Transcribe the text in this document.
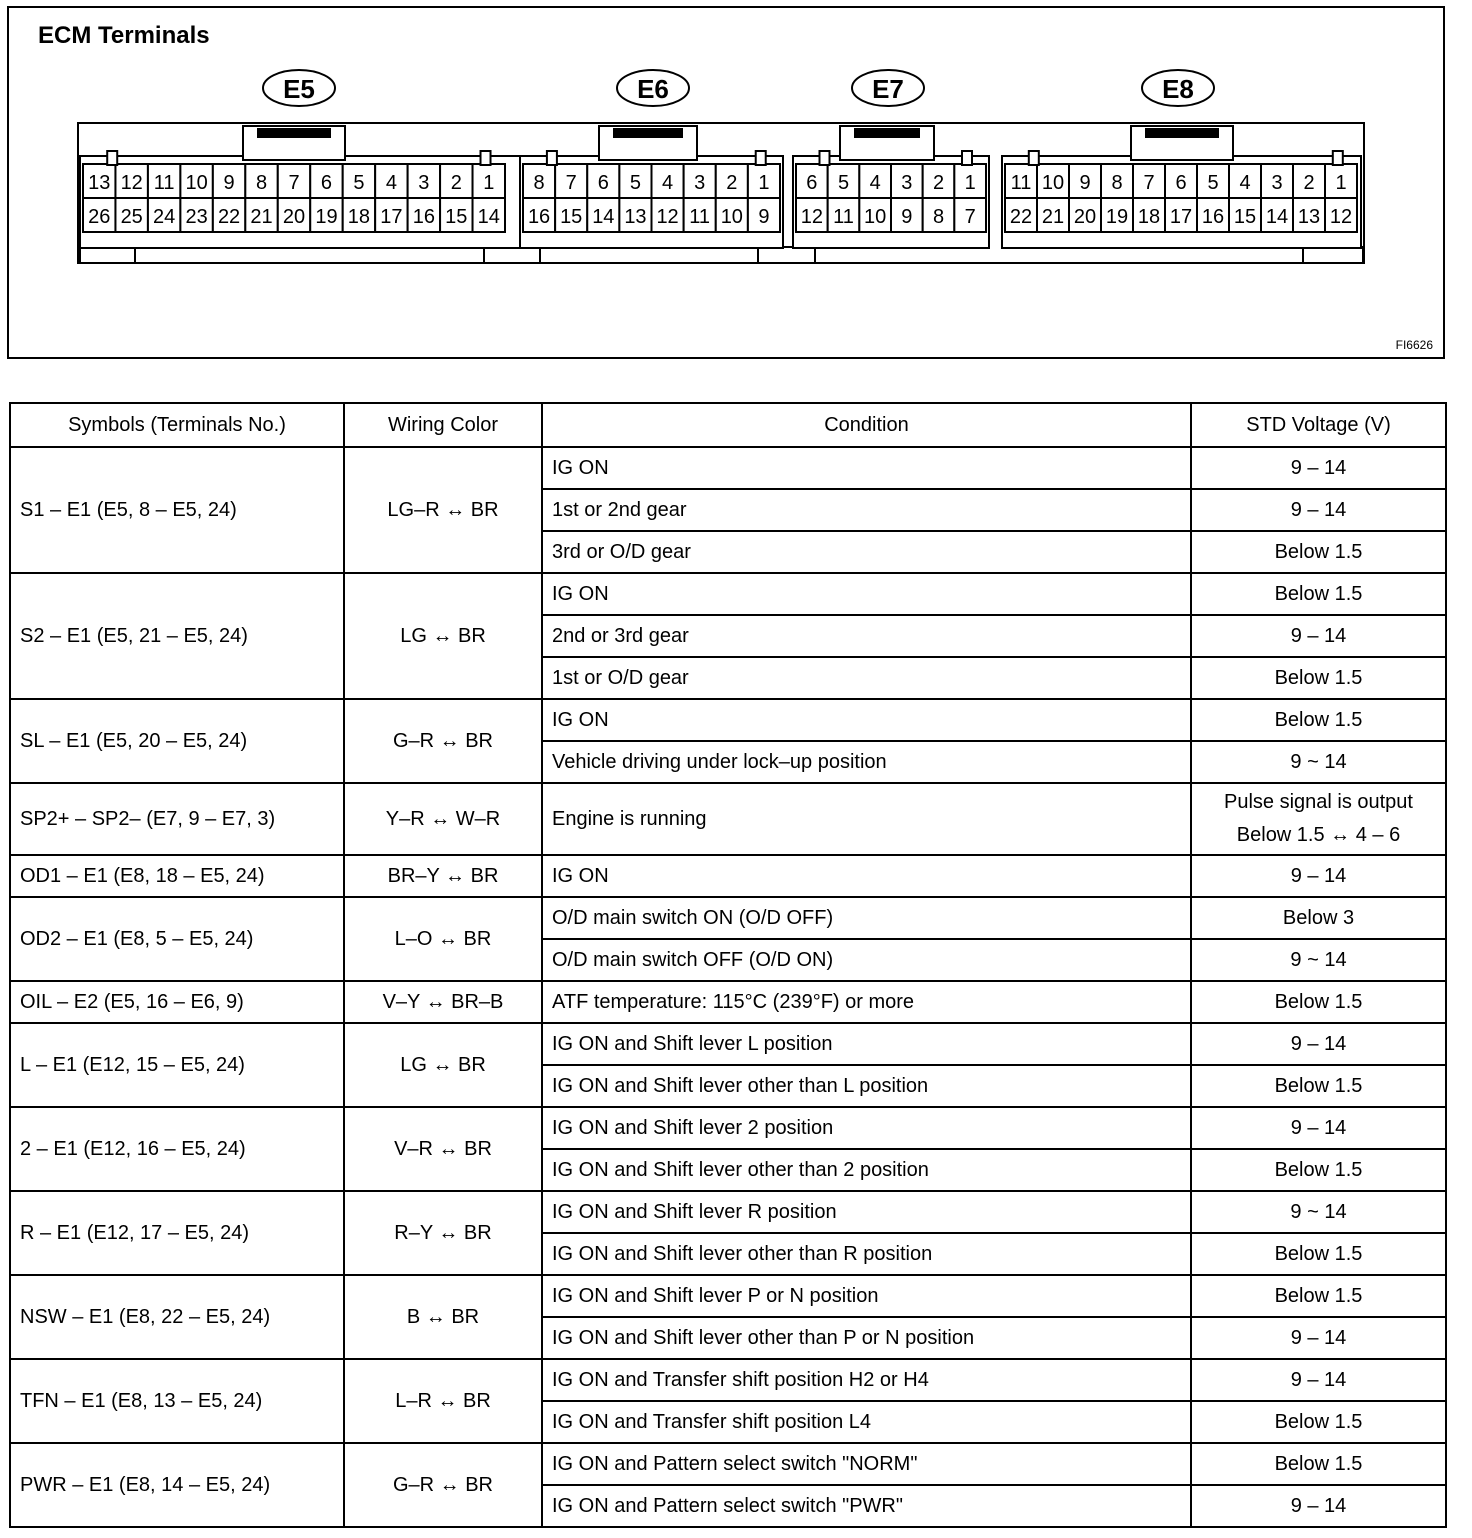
ECM Terminals
FI6626
E5
13 12 11 10 9 8 7 6 5 4 3 2 1
26 25 24 23 22 21 20 19 18 17 16 15 14
E6
8 7 6 5 4 3 2 1
16 15 14 13 12 11 10 9
E7
6 5 4 3 2 1
12 11 10 9 8 7
E8
11 10 9 8 7 6 5 4 3 2 1
22 21 20 19 18 17 16 15 14 13 12
Symbols (Terminals No.)	Wiring Color	Condition	STD Voltage (V)
S1 – E1 (E5, 8 – E5, 24)	LG–R ↔ BR	IG ON	9 – 14
		1st or 2nd gear	9 – 14
		3rd or O/D gear	Below 1.5
S2 – E1 (E5, 21 – E5, 24)	LG ↔ BR	IG ON	Below 1.5
		2nd or 3rd gear	9 – 14
		1st or O/D gear	Below 1.5
SL – E1 (E5, 20 – E5, 24)	G–R ↔ BR	IG ON	Below 1.5
		Vehicle driving under lock–up position	9 ~ 14
SP2+ – SP2– (E7, 9 – E7, 3)	Y–R ↔ W–R	Engine is running	Pulse signal is output
Below 1.5 ↔ 4 – 6

OD1 – E1 (E8, 18 – E5, 24)	BR–Y ↔ BR	IG ON	9 – 14
OD2 – E1 (E8, 5 – E5, 24)	L–O ↔ BR	O/D main switch ON (O/D OFF)	Below 3
		O/D main switch OFF (O/D ON)	9 ~ 14
OIL – E2 (E5, 16 – E6, 9)	V–Y ↔ BR–B	ATF temperature: 115°C (239°F) or more	Below 1.5
L – E1 (E12, 15 – E5, 24)	LG ↔ BR	IG ON and Shift lever L position	9 – 14
		IG ON and Shift lever other than L position	Below 1.5
2 – E1 (E12, 16 – E5, 24)	V–R ↔ BR	IG ON and Shift lever 2 position	9 – 14
		IG ON and Shift lever other than 2 position	Below 1.5
R – E1 (E12, 17 – E5, 24)	R–Y ↔ BR	IG ON and Shift lever R position	9 ~ 14
		IG ON and Shift lever other than R position	Below 1.5
NSW – E1 (E8, 22 – E5, 24)	B ↔ BR	IG ON and Shift lever P or N position	Below 1.5
		IG ON and Shift lever other than P or N position	9 – 14
TFN – E1 (E8, 13 – E5, 24)	L–R ↔ BR	IG ON and Transfer shift position H2 or H4	9 – 14
		IG ON and Transfer shift position L4	Below 1.5
PWR – E1 (E8, 14 – E5, 24)	G–R ↔ BR	IG ON and Pattern select switch "NORM"	Below 1.5
		IG ON and Pattern select switch "PWR"	9 – 14
